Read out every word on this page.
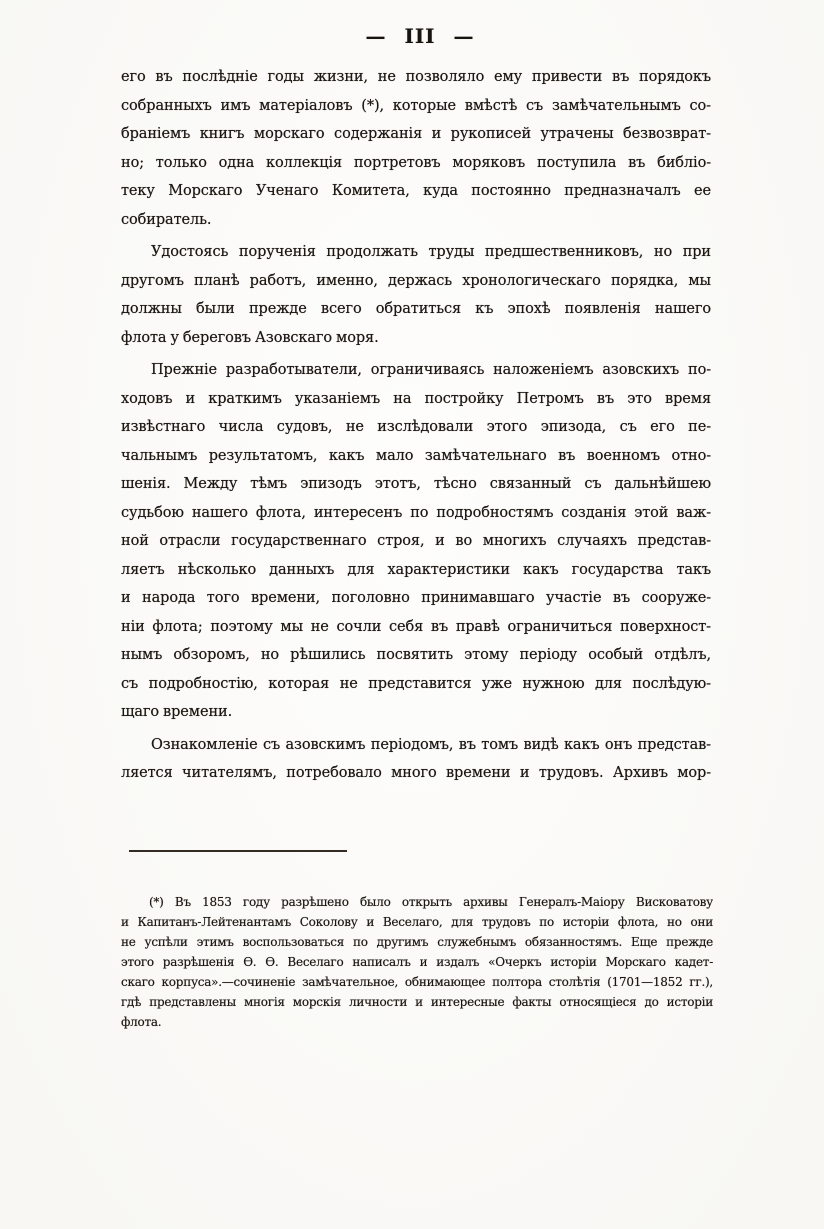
— III —
его въ послѣдніе годы жизни, не позволяло ему привести въ порядокъ
собранныхъ имъ матеріаловъ (*), которые вмѣстѣ съ замѣчательнымъ со-
браніемъ книгъ морскаго содержанія и рукописей утрачены безвозврат-
но; только одна коллекція портретовъ моряковъ поступила въ библіо-
теку Морскаго Ученаго Комитета, куда постоянно предназначалъ ее
собиратель.
Удостоясь порученія продолжать труды предшественниковъ, но при
другомъ планѣ работъ, именно, держась хронологическаго порядка, мы
должны были прежде всего обратиться къ эпохѣ появленія нашего
флота у береговъ Азовскаго моря.
Прежніе разработыватели, ограничиваясь наложеніемъ азовскихъ по-
ходовъ и краткимъ указаніемъ на постройку Петромъ въ это время
извѣстнаго числа судовъ, не изслѣдовали этого эпизода, съ его пе-
чальнымъ результатомъ, какъ мало замѣчательнаго въ военномъ отно-
шенія. Между тѣмъ эпизодъ этотъ, тѣсно связанный съ дальнѣйшею
судьбою нашего флота, интересенъ по подробностямъ созданія этой важ-
ной отрасли государственнаго строя, и во многихъ случаяхъ представ-
ляетъ нѣсколько данныхъ для характеристики какъ государства такъ
и народа того времени, поголовно принимавшаго участіе въ сооруже-
ніи флота; поэтому мы не сочли себя въ правѣ ограничиться поверхност-
нымъ обзоромъ, но рѣшились посвятить этому періоду особый отдѣлъ,
съ подробностію, которая не представится уже нужною для послѣдую-
щаго времени.
Ознакомленіе съ азовскимъ періодомъ, въ томъ видѣ какъ онъ представ-
ляется читателямъ, потребовало много времени и трудовъ. Архивъ мор-
(*) Въ 1853 году разрѣшено было открыть архивы Генералъ-Маіору Висковатову
и Капитанъ-Лейтенантамъ Соколову и Веселаго, для трудовъ по исторіи флота, но они
не успѣли этимъ воспользоваться по другимъ служебнымъ обязанностямъ. Еще прежде
этого разрѣшенія Ѳ. Ѳ. Веселаго написалъ и издалъ «Очеркъ исторіи Морскаго кадет-
скаго корпуса».—сочиненіе замѣчательное, обнимающее полтора столѣтія (1701—1852 гг.),
гдѣ представлены многія морскія личности и интересные факты относящіеся до исторіи
флота.
